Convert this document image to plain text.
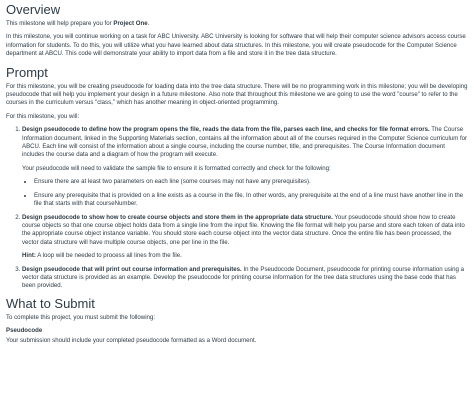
Overview

This milestone will help prepare you for Project One.

In this milestone, you will continue working on a task for ABC University. ABC University is looking for software that will help their computer science advisors access course information for students. To do this, you will utilize what you have learned about data structures. In this milestone, you will create pseudocode for the Computer Science department at ABCU. This code will demonstrate your ability to import data from a file and store it in the tree data structure.

Prompt

For this milestone, you will be creating pseudocode for loading data into the tree data structure. There will be no programming work in this milestone; you will be developing pseudocode that will help you implement your design in a future milestone. Also note that throughout this milestone we are going to use the word "course" to refer to the courses in the curriculum versus "class," which has another meaning in object-oriented programming.

For this milestone, you will:

1. Design pseudocode to define how the program opens the file, reads the data from the file, parses each line, and checks for file format errors. The Course Information document, linked in the Supporting Materials section, contains all the information about all of the courses required in the Computer Science curriculum for ABCU. Each line will consist of the information about a single course, including the course number, title, and prerequisites. The Course Information document includes the course data and a diagram of how the program will execute.

Your pseudocode will need to validate the sample file to ensure it is formatted correctly and check for the following:

• Ensure there are at least two parameters on each line (some courses may not have any prerequisites).
• Ensure any prerequisite that is provided on a line exists as a course in the file. In other words, any prerequisite at the end of a line must have another line in the file that starts with that courseNumber.

2. Design pseudocode to show how to create course objects and store them in the appropriate data structure. Your pseudocode should show how to create course objects so that one course object holds data from a single line from the input file. Knowing the file format will help you parse and store each token of data into the appropriate course object instance variable. You should store each course object into the vector data structure. Once the entire file has been processed, the vector data structure will have multiple course objects, one per line in the file.

Hint: A loop will be needed to process all lines from the file.

3. Design pseudocode that will print out course information and prerequisites. In the Pseudocode Document, pseudocode for printing course information using a vector data structure is provided as an example. Develop the pseudocode for printing course information for the tree data structures using the base code that has been provided.

What to Submit

To complete this project, you must submit the following:

Pseudocode

Your submission should include your completed pseudocode formatted as a Word document.
